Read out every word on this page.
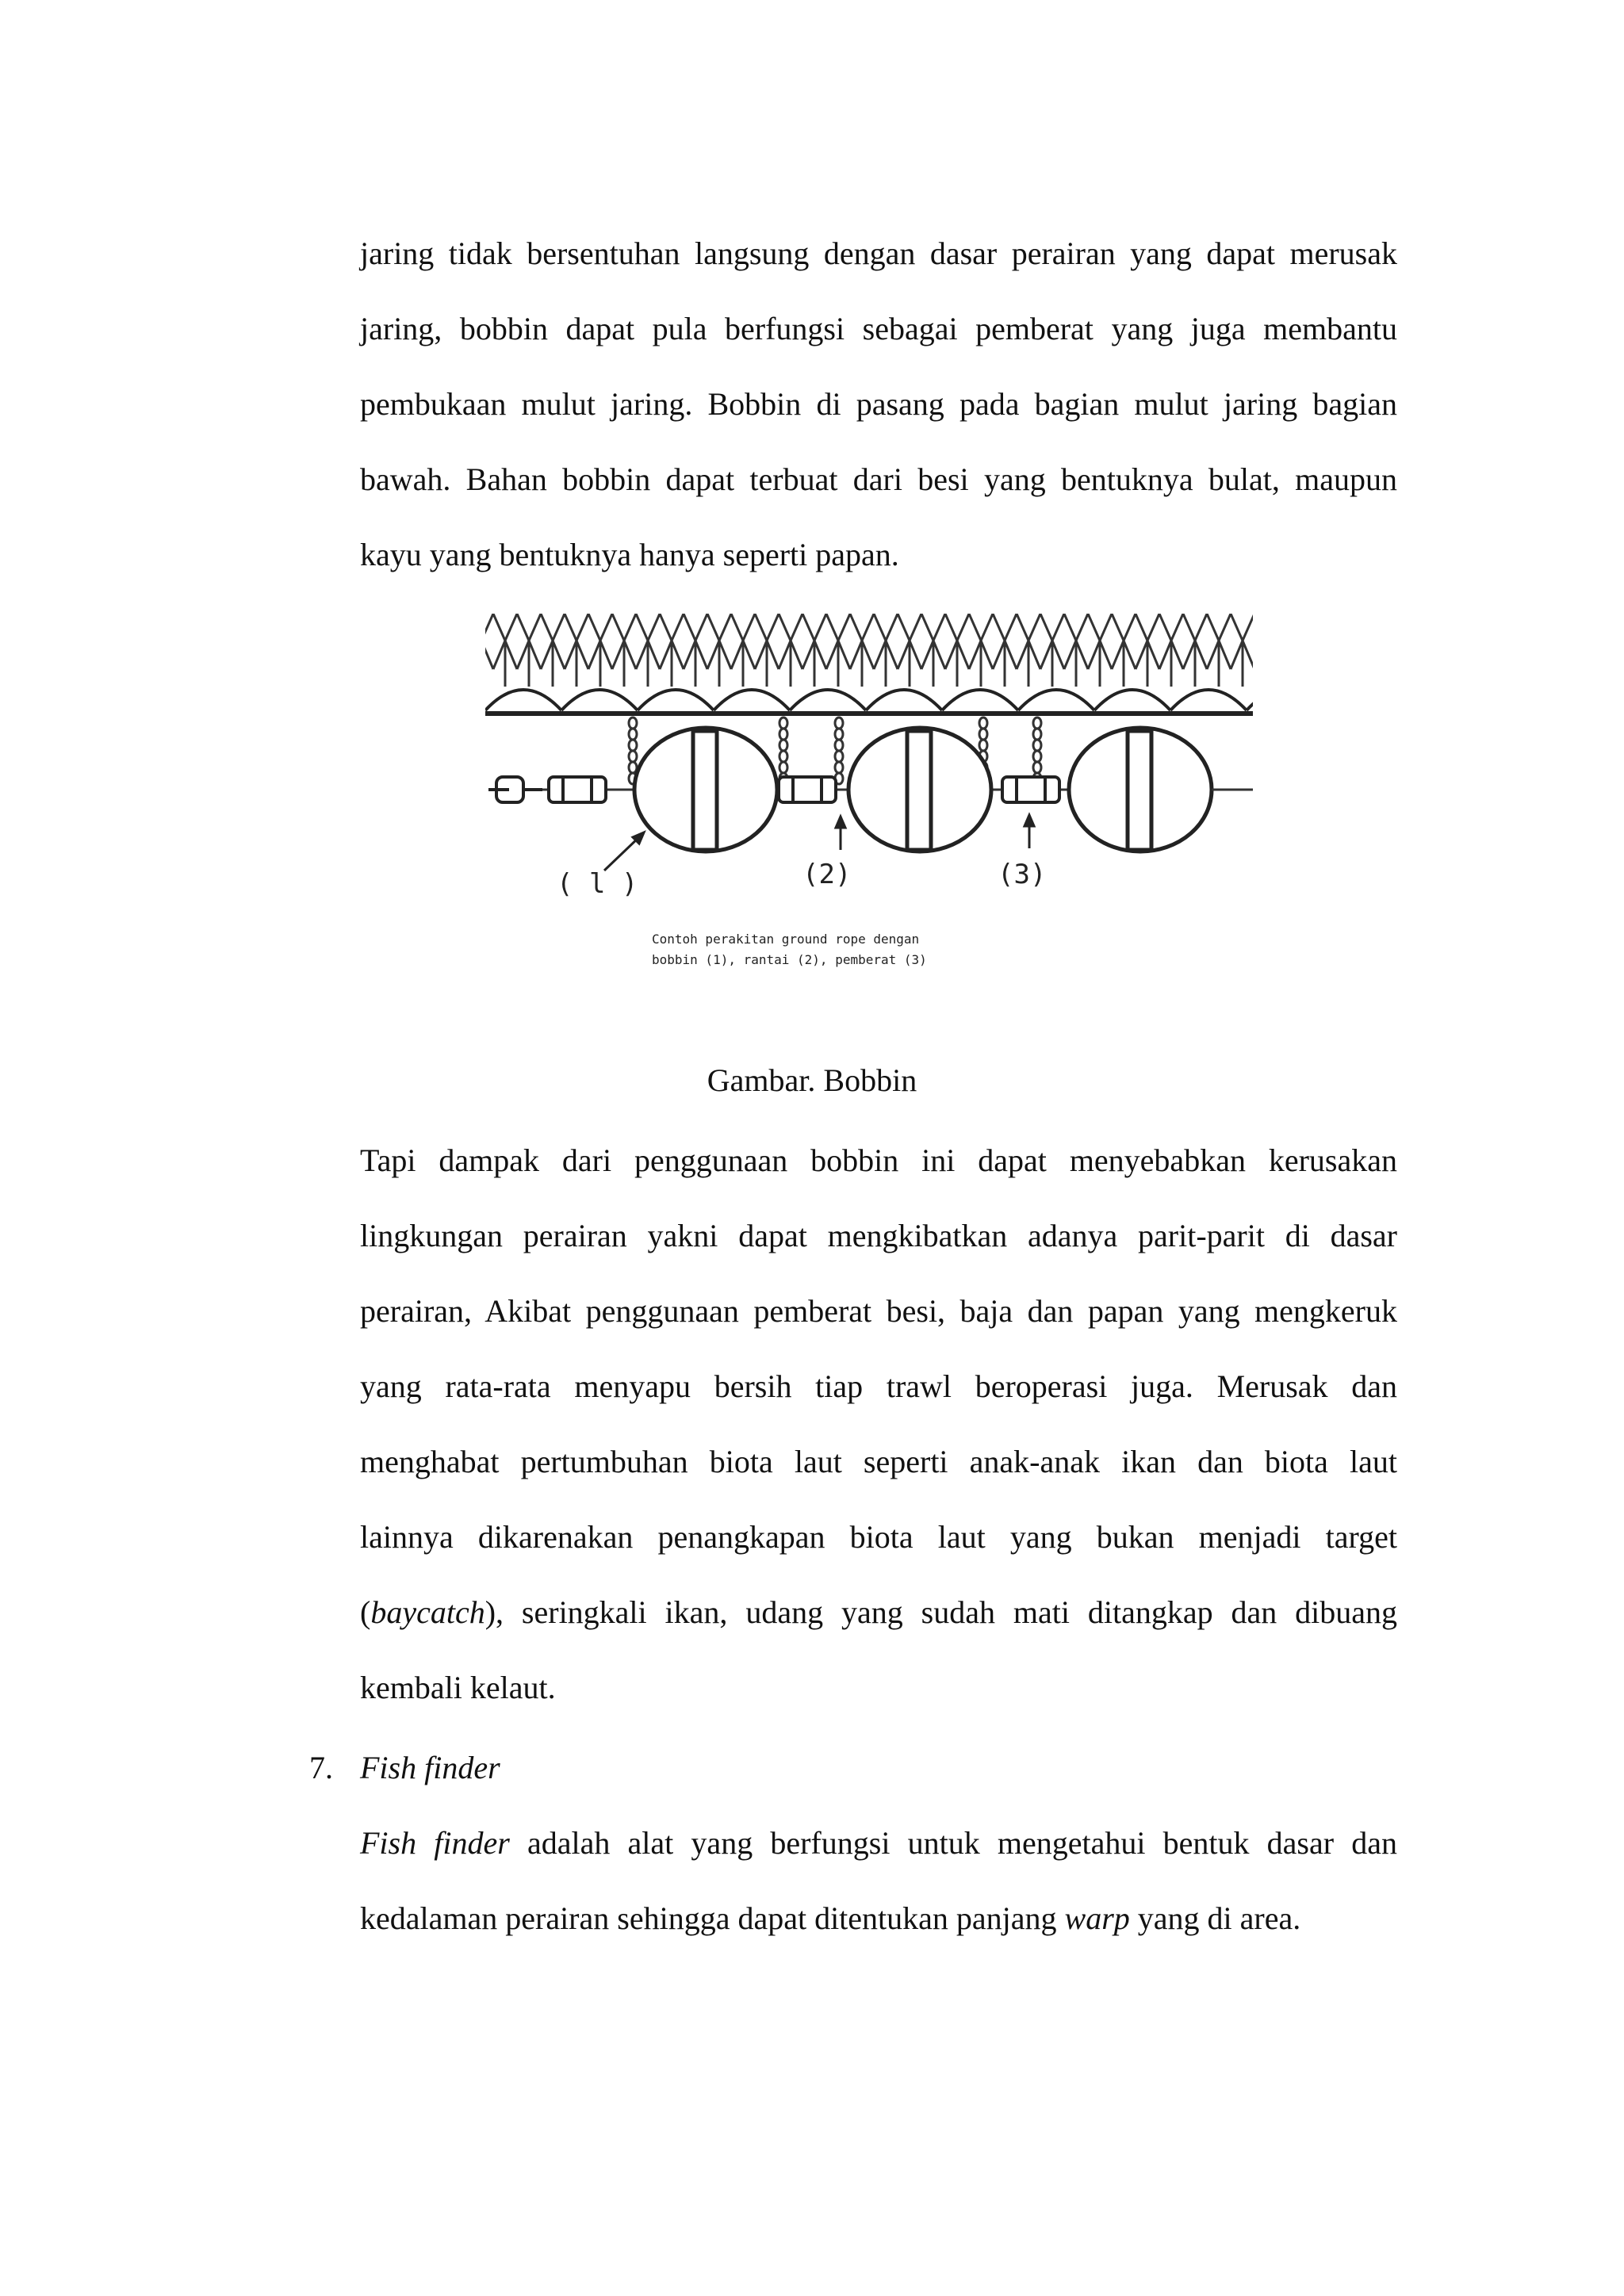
jaring tidak bersentuhan langsung dengan dasar perairan yang dapat merusak
jaring, bobbin dapat pula berfungsi sebagai pemberat yang juga membantu
pembukaan mulut jaring. Bobbin di pasang pada bagian mulut jaring bagian
bawah. Bahan bobbin dapat terbuat dari besi yang bentuknya bulat, maupun
kayu yang bentuknya hanya seperti papan.
( l )	(2)	(3)
Contoh perakitan ground rope dengan
bobbin (1), rantai (2), pemberat (3)
Gambar. Bobbin
Tapi dampak dari penggunaan bobbin ini dapat menyebabkan kerusakan
lingkungan perairan yakni dapat mengkibatkan adanya parit-parit di dasar
perairan, Akibat penggunaan pemberat besi, baja dan papan yang mengkeruk
yang rata-rata menyapu bersih tiap trawl beroperasi juga. Merusak dan
menghabat pertumbuhan biota laut seperti anak-anak ikan dan biota laut
lainnya dikarenakan penangkapan biota laut yang bukan menjadi target
(baycatch), seringkali ikan, udang yang sudah mati ditangkap dan dibuang
kembali kelaut.
7. Fish finder
Fish finder adalah alat yang berfungsi untuk mengetahui bentuk dasar dan
kedalaman perairan sehingga dapat ditentukan panjang warp yang di area.
